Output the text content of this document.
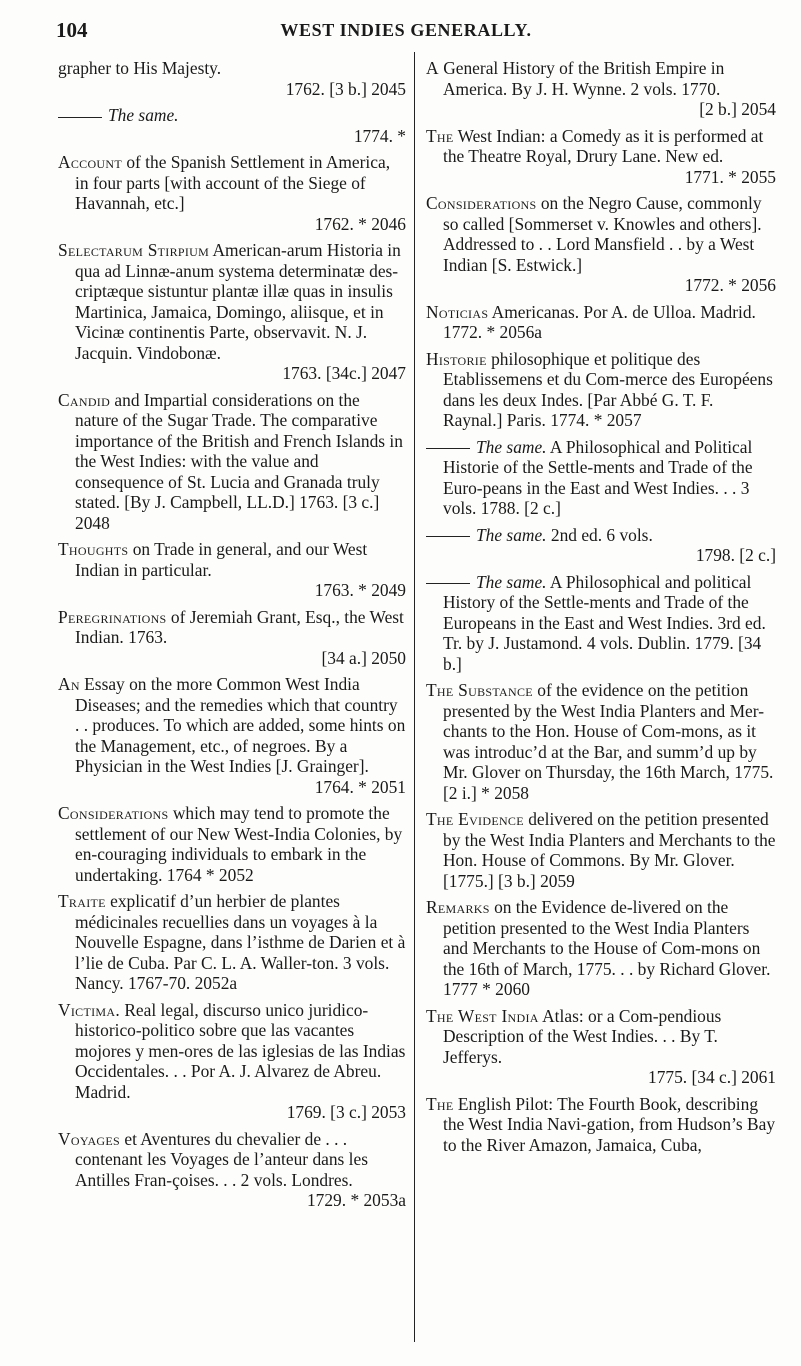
104	WEST INDIES GENERALLY.
grapher to His Majesty.
1762. [3 b.] 2045
The same.
1774. *
Account of the Spanish Settlement in America, in four parts [with account of the Siege of Havannah, etc.]
1762. * 2046
Selectarum Stirpium American-arum Historia in qua ad Linnæ-anum systema determinatæ des-criptæque sistuntur plantæ illæ quas in insulis Martinica, Jamaica, Domingo, aliisque, et in Vicinæ continentis Parte, observavit. N. J. Jacquin. Vindobonæ.
1763. [34c.] 2047
Candid and Impartial considerations on the nature of the Sugar Trade. The comparative importance of the British and French Islands in the West Indies: with the value and consequence of St. Lucia and Granada truly stated. [By J. Campbell, LL.D.] 1763. [3 c.] 2048
Thoughts on Trade in general, and our West Indian in particular.
1763. * 2049
Peregrinations of Jeremiah Grant, Esq., the West Indian. 1763.
[34 a.] 2050
An Essay on the more Common West India Diseases; and the remedies which that country . . produces. To which are added, some hints on the Management, etc., of negroes. By a Physician in the West Indies [J. Grainger].
1764. * 2051
Considerations which may tend to promote the settlement of our New West-India Colonies, by en-couraging individuals to embark in the undertaking. 1764 * 2052
Traite explicatif d’un herbier de plantes médicinales recuellies dans un voyages à la Nouvelle Espagne, dans l’isthme de Darien et à l’lie de Cuba. Par C. L. A. Waller-ton. 3 vols. Nancy. 1767-70. 2052a
Victima. Real legal, discurso unico juridico-historico-politico sobre que las vacantes mojores y men-ores de las iglesias de las Indias Occidentales. . . Por A. J. Alvarez de Abreu. Madrid.
1769. [3 c.] 2053
Voyages et Aventures du chevalier de . . . contenant les Voyages de l’anteur dans les Antilles Fran-çoises. . . 2 vols. Londres.
1729. * 2053a
A General History of the British Empire in America. By J. H. Wynne. 2 vols. 1770.
[2 b.] 2054
The West Indian: a Comedy as it is performed at the Theatre Royal, Drury Lane. New ed.
1771. * 2055
Considerations on the Negro Cause, commonly so called [Sommerset v. Knowles and others]. Addressed to . . Lord Mansfield . . by a West Indian [S. Estwick.]
1772. * 2056
Noticias Americanas. Por A. de Ulloa. Madrid. 1772. * 2056a
Historie philosophique et politique des Etablissemens et du Com-merce des Européens dans les deux Indes. [Par Abbé G. T. F. Raynal.] Paris. 1774. * 2057
The same. A Philosophical and Political Historie of the Settle-ments and Trade of the Euro-peans in the East and West Indies. . . 3 vols. 1788. [2 c.]
The same. 2nd ed. 6 vols.
1798. [2 c.]
The same. A Philosophical and political History of the Settle-ments and Trade of the Europeans in the East and West Indies. 3rd ed. Tr. by J. Justamond. 4 vols. Dublin. 1779. [34 b.]
The Substance of the evidence on the petition presented by the West India Planters and Mer-chants to the Hon. House of Com-mons, as it was introduc’d at the Bar, and summ’d up by Mr. Glover on Thursday, the 16th March, 1775. [2 i.] * 2058
The Evidence delivered on the petition presented by the West India Planters and Merchants to the Hon. House of Commons. By Mr. Glover. [1775.] [3 b.] 2059
Remarks on the Evidence de-livered on the petition presented to the West India Planters and Merchants to the House of Com-mons on the 16th of March, 1775. . . by Richard Glover. 1777 * 2060
The West India Atlas: or a Com-pendious Description of the West Indies. . . By T. Jefferys.
1775. [34 c.] 2061
The English Pilot: The Fourth Book, describing the West India Navi-gation, from Hudson’s Bay to the River Amazon, Jamaica, Cuba,
